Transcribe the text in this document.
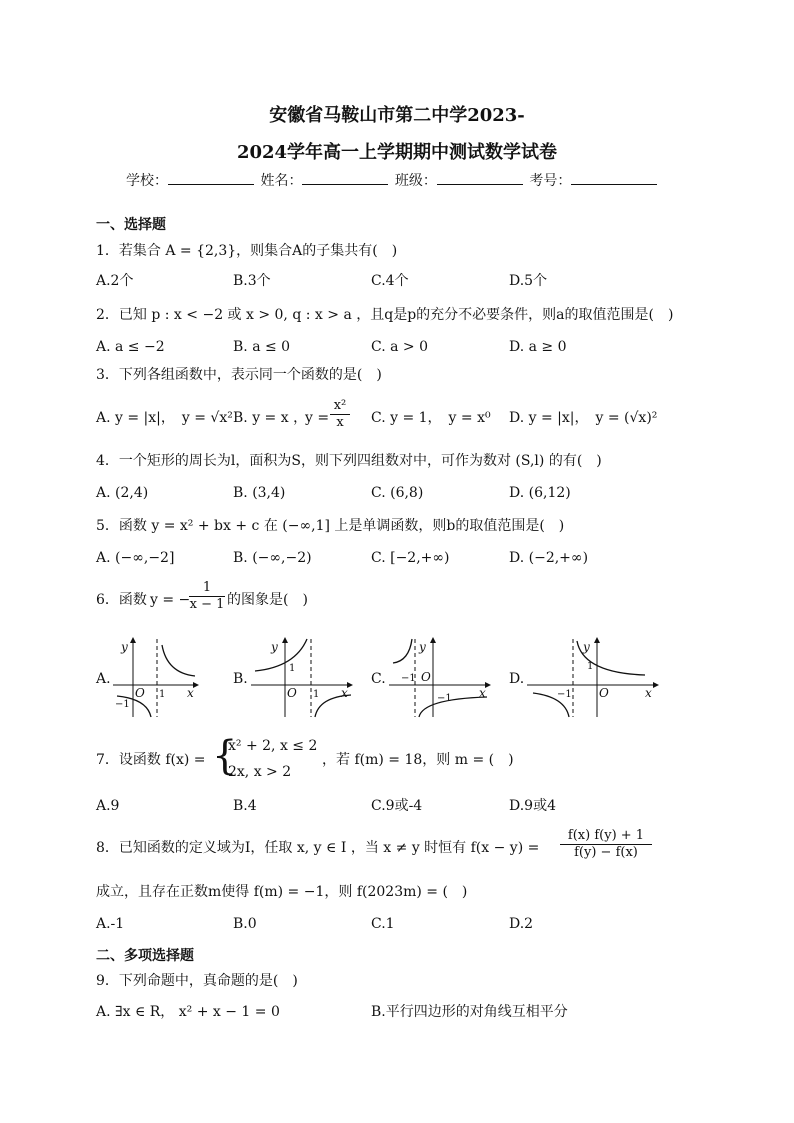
安徽省马鞍山市第二中学2023-
2024学年高一上学期期中测试数学试卷
学校：	姓名：	班级：	考号：
一、选择题
1．若集合 A = {2,3}，则集合A的子集共有(　)
A.2个	B.3个	C.4个	D.5个
2．已知 p : x < −2 或 x > 0, q : x > a ，且q是p的充分不必要条件，则a的取值范围是(　)
A. a ≤ −2	B. a ≤ 0	C. a > 0	D. a ≥ 0
3．下列各组函数中，表示同一个函数的是(　)
A. y = |x|，　y = √x² B. y = x ，
$y = \frac{\text{x²}}{x} C$. y = 1，　y = x⁰ D. y = |x|，　y = (√x)²
4．一个矩形的周长为l，面积为S，则下列四组数对中，可作为数对 (S,l) 的有(　)
A. (2,4)	B. (3,4)	C. (6,8)	D. (6,12)
5．函数 y = x² + bx + c 在 (−∞,1] 上是单调函数，则b的取值范围是(　)
A. (−∞,−2]	B. (−∞,−2)	C. [−2,+∞)	D. (−2,+∞)
6．函数 y = −
$\frac{1}{x - 1}$ 的图象是(　)
A.	B.	C.	D.
y
x
O 1
−1
y
x
O
1
1
y
x
O
−1
−1
y
x
O
−1
1
7．设函数 f(x) = {
x² + 2, x ≤ 2
2x, x > 2
，若 f(m) = 18，则 m = (　)
A.9	B.4	C.9或-4	D.9或4
8．已知函数的定义域为I，任取 x, y ∈ I ，当 x ≠ y 时恒有 $f(x - y) = \frac{f(x) f(y) + 1}{f(y) - f(x)}$
成立，且存在正数m使得 f(m) = −1，则 f(2023m) = (　)
A.-1	B.0	C.1	D.2
二、多项选择题
9．下列命题中，真命题的是(　)
A. ∃x ∈ R， x² + x − 1 = 0	B.平行四边形的对角线互相平分
